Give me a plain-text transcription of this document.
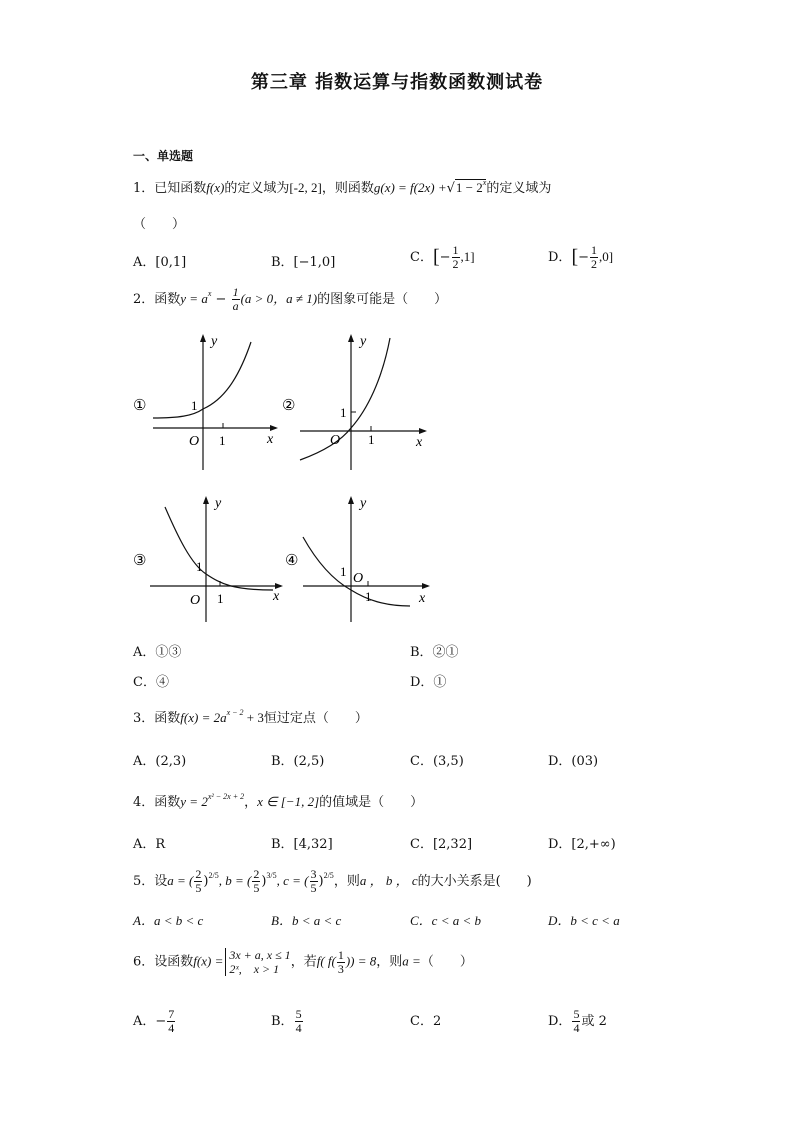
第三章 指数运算与指数函数测试卷
一、单选题
1．已知函数f(x)的定义域为[-2, 2]，则函数$g(x) = f(2x) +√1 - 2^x$的定义域为
（　　）
A．[0,1]	B．[−1,0]	C．[− $\frac{1}{2} ,1$]	D．[− $\frac{1}{2} ,0$]
2．函数$y = a^x - \frac{1}{a} (a > 0$，a ≠ 1)的图象可能是（　　）
①
y
x
O 1
1	②
y
x
O 1
1
③
y
x
O 1
1	④
y
x
O
1
1
A．①③	B．②①
C．④	D．①
3．函数$f(x) = 2a^{x - 2} + 3$恒过定点（　　）
A．(2,3)	B．(2,5)	C．(3,5)	D．(03)
4．函数$y = 2^{x^2 - 2x + 2}$，x ∈ [−1, 2]的值域是（　　）
A．R	B．[4,32]	C．[2,32]	D．[2,+∞)
5．设a = ( $\frac{2}{5} )^{2/5}$, b = ( $\frac{2}{5} )^{3/5}$, c = ( $\frac{3}{5} )^{2/5}$，则a ， b ， c的大小关系是(　　)
A．a < b < c	B．b < a < c	C．c < a < b	D．b < c < a
6．设函数f(x) = 3x + a, x ≤ 1
2ˣ,　x > 1 ，若f( $f( \frac{1}{3}$ )) = 8，则a =（　　）
A．− $\frac{7}{4}$	B． $\frac{5}{4}$	C．2	D． $\frac{5}{4}$ 或 2
